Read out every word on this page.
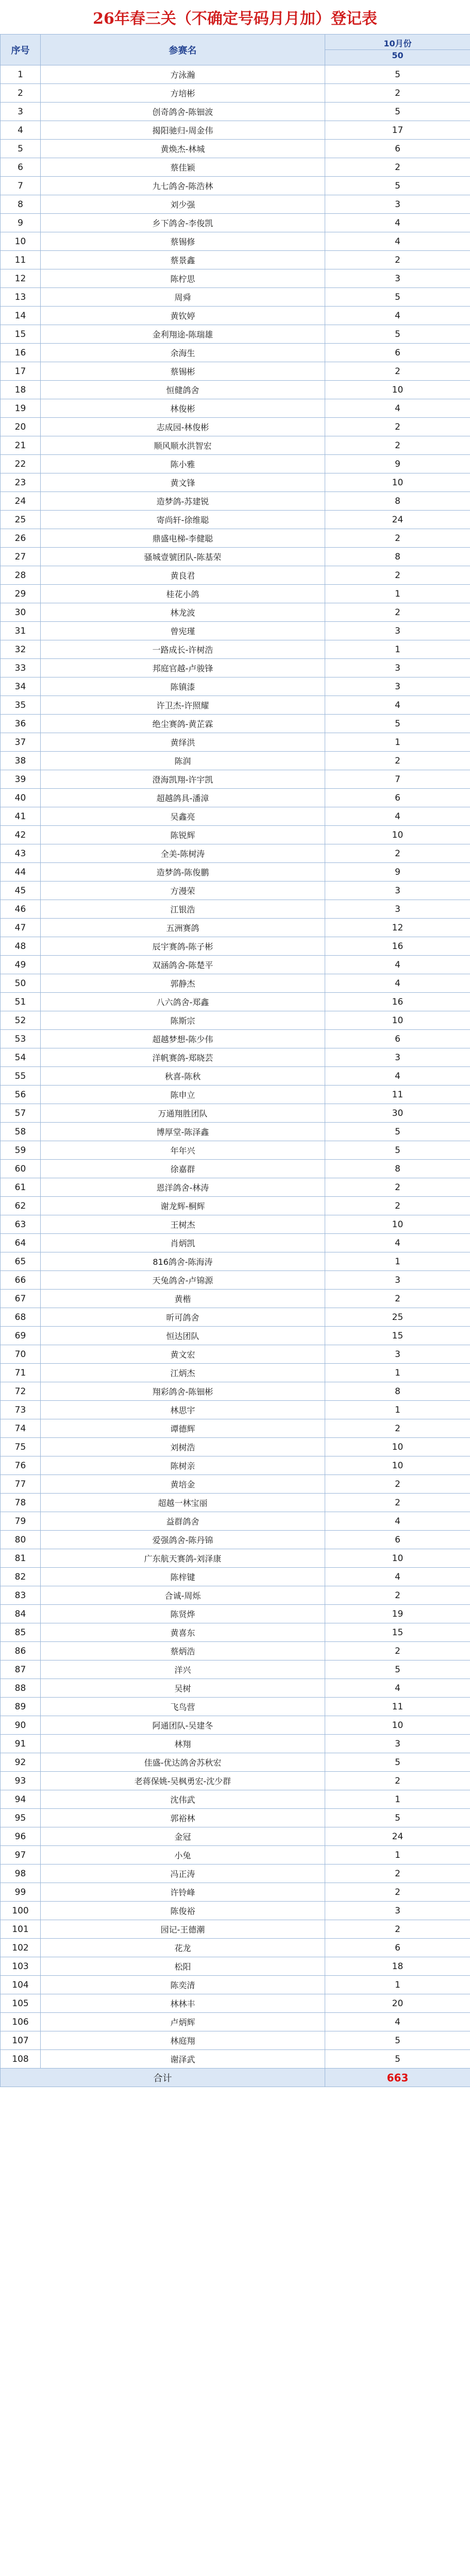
26年春三关（不确定号码月月加）登记表
序号	参赛名	10月份
50

1	方泳瀚	5
2	方培彬	2
3	创奇鸽舍-陈钿波	5
4	揭阳驰归-周金伟	17
5	黄焕杰-林城	6
6	蔡佳颖	2
7	九七鸽舍-陈浩林	5
8	刘少强	3
9	乡下鸽舍-李俊凯	4
10	蔡锡修	4
11	蔡景鑫	2
12	陈柠思	3
13	周舜	5
14	黄钦婷	4
15	金利翔途-陈瑞雄	5
16	余海生	6
17	蔡锡彬	2
18	恒健鸽舍	10
19	林俊彬	4
20	志成园-林俊彬	2
21	顺风顺水洪智宏	2
22	陈小雅	9
23	黄文锋	10
24	造梦鸽-苏建锐	8
25	寄尚轩-徐维聪	24
26	鼎盛电梯-李健聪	2
27	骚城壹號团队-陈基荣	8
28	黄良君	2
29	桂花小鸽	1
30	林龙波	2
31	曾宪瑾	3
32	一路成长-许树浩	1
33	邦庭官越-卢骏锋	3
34	陈镇漆	3
35	许卫杰-许照耀	4
36	绝尘赛鸽-黄芷霖	5
37	黄绎洪	1
38	陈润	2
39	澄海凯翔-许宇凯	7
40	超越鸽具-潘漳	6
41	吴鑫亮	4
42	陈锐辉	10
43	全美-陈树涛	2
44	造梦鸽-陈俊鹏	9
45	方漫荣	3
46	江银浩	3
47	五洲赛鸽	12
48	辰宇赛鸽-陈子彬	16
49	双涵鸽舍-陈楚平	4
50	郭静杰	4
51	八六鸽舍-郑鑫	16
52	陈斯宗	10
53	超越梦想-陈少伟	6
54	洋帆赛鸽-郑晓芸	3
55	秋喜-陈秋	4
56	陈申立	11
57	万通翔胜团队	30
58	博厚堂-陈泽鑫	5
59	年年兴	5
60	徐嘉群	8
61	恩洋鸽舍-林涛	2
62	谢龙辉-桐辉	2
63	王树杰	10
64	肖炳凯	4
65	816鸽舍-陈海涛	1
66	天兔鸽舍-卢锦源	3
67	黄楷	2
68	昕可鸽舍	25
69	恒达团队	15
70	黄文宏	3
71	江炳杰	1
72	翔彩鸽舍-陈钿彬	8
73	林思宇	1
74	谭德辉	2
75	刘树浩	10
76	陈树亲	10
77	黄培金	2
78	超越一林宝丽	2
79	益群鸽舍	4
80	爱强鸽舍-陈丹锦	6
81	广东航天赛鸽-刘泽康	10
82	陈梓键	4
83	合诚-周烁	2
84	陈贤烨	19
85	黄喜东	15
86	蔡炳浩	2
87	洋兴	5
88	吴树	4
89	飞鸟营	11
90	阿通团队-吴建冬	10
91	林翔	3
92	佳盛-优达鸽舍苏秋宏	5
93	老蒋保姚-吴枫勇宏-沈少群	2
94	沈伟武	1
95	郭裕林	5
96	金冠	24
97	小兔	1
98	冯正涛	2
99	许铃峰	2
100	陈俊裕	3
101	园记-王德潮	2
102	花龙	6
103	松阳	18
104	陈奕清	1
105	林林丰	20
106	卢炳辉	4
107	林庭翔	5
108	谢泽武	5
合计		663
